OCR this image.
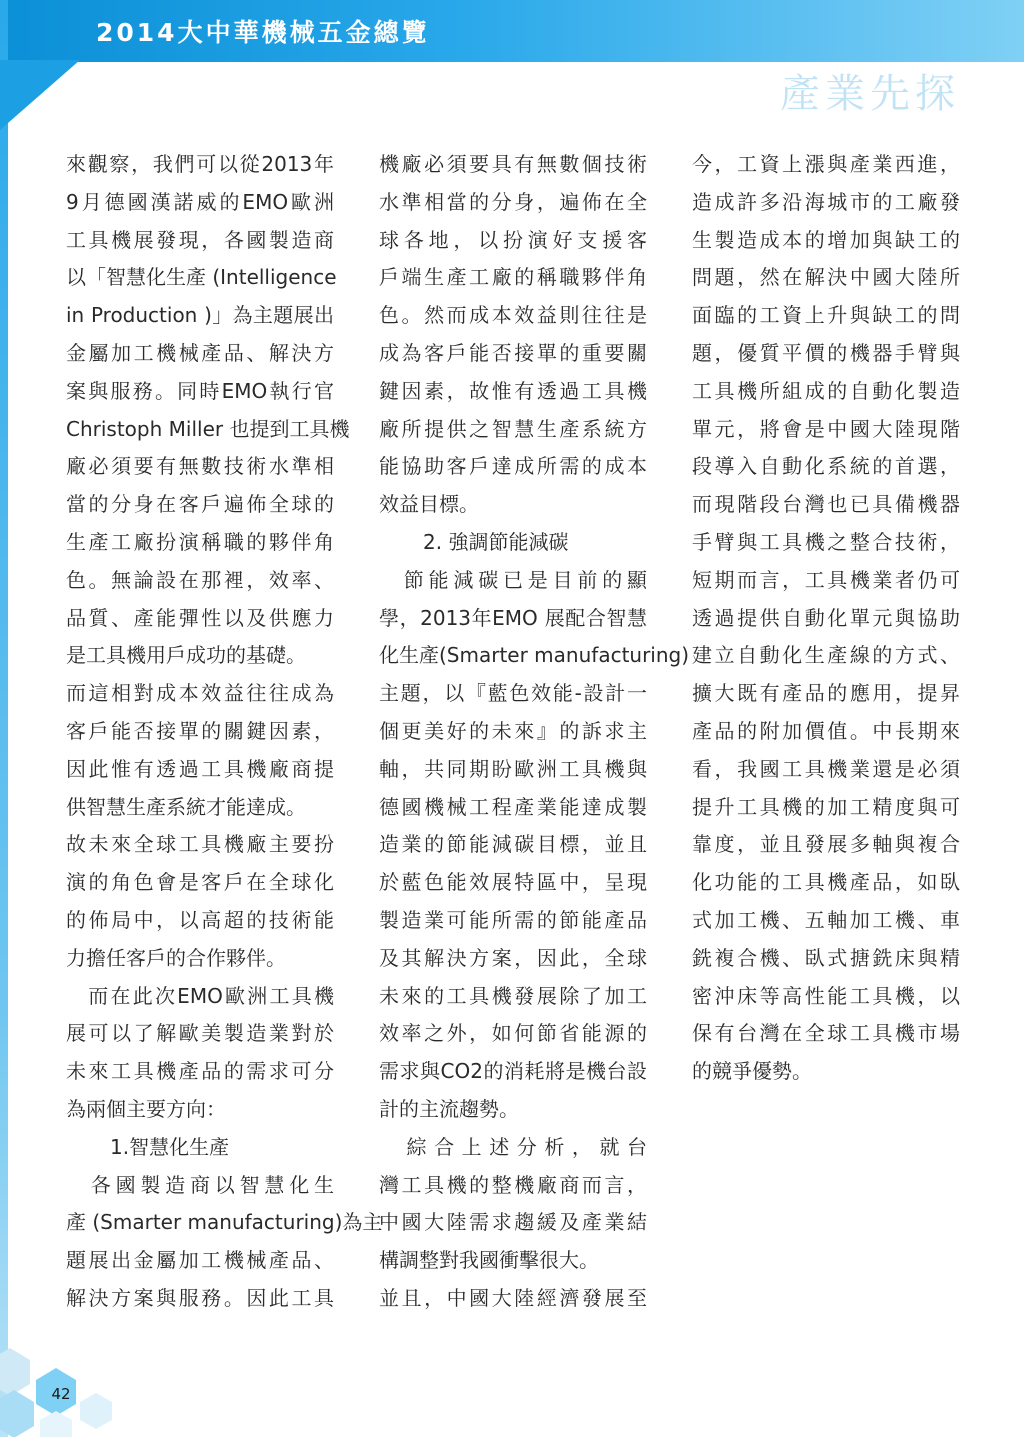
2014大中華機械五金總覽
產業先探
來觀察，我們可以從2013年
9月德國漢諾威的EMO歐洲
工具機展發現，各國製造商
以「智慧化生產 (Intelligence
in Production )」為主題展出
金屬加工機械產品、解決方
案與服務。同時EMO執行官
Christoph Miller 也提到工具機
廠必須要有無數技術水準相
當的分身在客戶遍佈全球的
生產工廠扮演稱職的夥伴角
色。無論設在那裡，效率、
品質、產能彈性以及供應力
是工具機用戶成功的基礎。
而這相對成本效益往往成為
客戶能否接單的關鍵因素，
因此惟有透過工具機廠商提
供智慧生產系統才能達成。
故未來全球工具機廠主要扮
演的角色會是客戶在全球化
的佈局中，以高超的技術能
力擔任客戶的合作夥伴。
　而在此次EMO歐洲工具機
展可以了解歐美製造業對於
未來工具機產品的需求可分
為兩個主要方向：
1.智慧化生產
　各國製造商以智慧化生
產 (Smarter manufacturing)為主
題展出金屬加工機械產品、
解決方案與服務。因此工具
機廠必須要具有無數個技術
水準相當的分身，遍佈在全
球各地，以扮演好支援客
戶端生產工廠的稱職夥伴角
色。然而成本效益則往往是
成為客戶能否接單的重要關
鍵因素，故惟有透過工具機
廠所提供之智慧生產系統方
能協助客戶達成所需的成本
效益目標。
2. 強調節能減碳
　節能減碳已是目前的顯
學，2013年EMO 展配合智慧
化生產(Smarter manufacturing)
主題，以『藍色效能-設計一
個更美好的未來』的訴求主
軸，共同期盼歐洲工具機與
德國機械工程產業能達成製
造業的節能減碳目標，並且
於藍色能效展特區中，呈現
製造業可能所需的節能產品
及其解決方案，因此，全球
未來的工具機發展除了加工
效率之外，如何節省能源的
需求與CO2的消耗將是機台設
計的主流趨勢。
　綜合上述分析，就台
灣工具機的整機廠商而言，
中國大陸需求趨緩及產業結
構調整對我國衝擊很大。
並且，中國大陸經濟發展至
今，工資上漲與產業西進，
造成許多沿海城市的工廠發
生製造成本的增加與缺工的
問題，然在解決中國大陸所
面臨的工資上升與缺工的問
題，優質平價的機器手臂與
工具機所組成的自動化製造
單元，將會是中國大陸現階
段導入自動化系統的首選，
而現階段台灣也已具備機器
手臂與工具機之整合技術，
短期而言，工具機業者仍可
透過提供自動化單元與協助
建立自動化生產線的方式、
擴大既有產品的應用，提昇
產品的附加價值。中長期來
看，我國工具機業還是必須
提升工具機的加工精度與可
靠度，並且發展多軸與複合
化功能的工具機產品，如臥
式加工機、五軸加工機、車
銑複合機、臥式搪銑床與精
密沖床等高性能工具機，以
保有台灣在全球工具機市場
的競爭優勢。
42
